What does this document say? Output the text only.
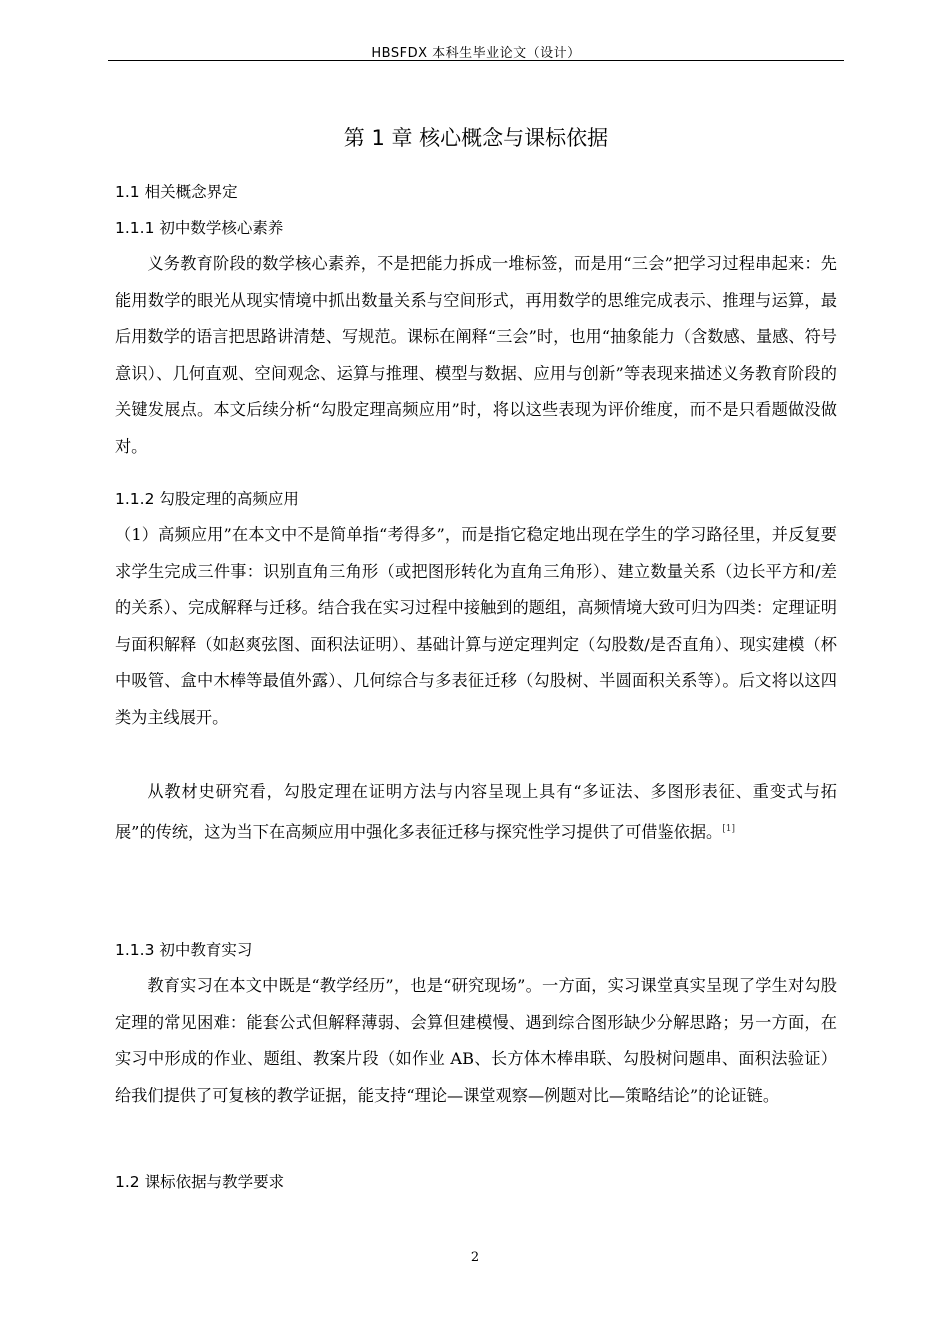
HBSFDX 本科生毕业论文（设计）
第 1 章 核心概念与课标依据
1.1 相关概念界定
1.1.1 初中数学核心素养
义务教育阶段的数学核心素养，不是把能力拆成一堆标签，而是用“三会”把学习过程串起来：先能用数学的眼光从现实情境中抓出数量关系与空间形式，再用数学的思维完成表示、推理与运算，最后用数学的语言把思路讲清楚、写规范。课标在阐释“三会”时，也用“抽象能力（含数感、量感、符号意识）、几何直观、空间观念、运算与推理、模型与数据、应用与创新”等表现来描述义务教育阶段的关键发展点。本文后续分析“勾股定理高频应用”时，将以这些表现为评价维度，而不是只看题做没做对。
1.1.2 勾股定理的高频应用
（1）高频应用”在本文中不是简单指“考得多”，而是指它稳定地出现在学生的学习路径里，并反复要求学生完成三件事：识别直角三角形（或把图形转化为直角三角形）、建立数量关系（边长平方和/差的关系）、完成解释与迁移。结合我在实习过程中接触到的题组，高频情境大致可归为四类：定理证明与面积解释（如赵爽弦图、面积法证明）、基础计算与逆定理判定（勾股数/是否直角）、现实建模（杯中吸管、盒中木棒等最值外露）、几何综合与多表征迁移（勾股树、半圆面积关系等）。后文将以这四类为主线展开。
从教材史研究看，勾股定理在证明方法与内容呈现上具有“多证法、多图形表征、重变式与拓展”的传统，这为当下在高频应用中强化多表征迁移与探究性学习提供了可借鉴依据。[1]
1.1.3 初中教育实习
教育实习在本文中既是“教学经历”，也是“研究现场”。一方面，实习课堂真实呈现了学生对勾股定理的常见困难：能套公式但解释薄弱、会算但建模慢、遇到综合图形缺少分解思路；另一方面，在实习中形成的作业、题组、教案片段（如作业 AB、长方体木棒串联、勾股树问题串、面积法验证）给我们提供了可复核的教学证据，能支持“理论—课堂观察—例题对比—策略结论”的论证链。
1.2 课标依据与教学要求
2
